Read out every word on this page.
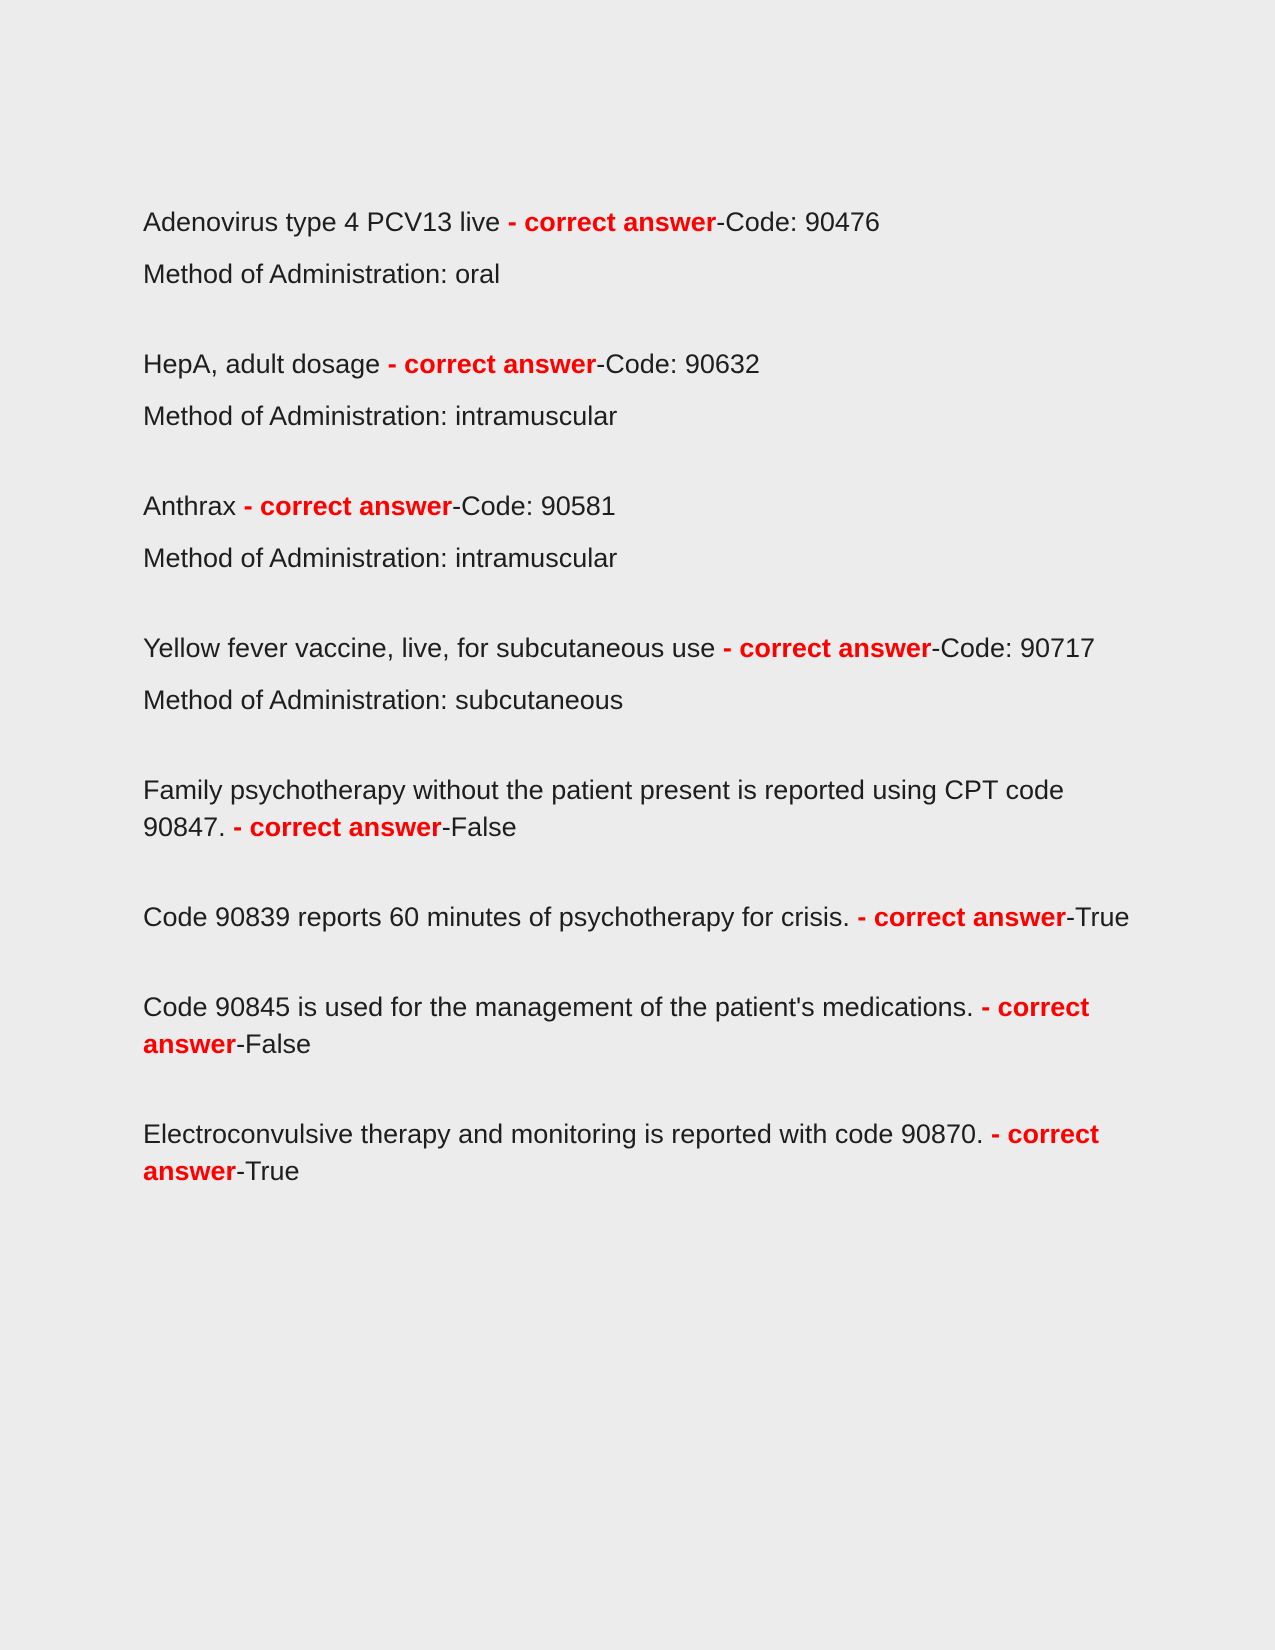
Adenovirus type 4 PCV13 live - correct answer-Code: 90476

Method of Administration: oral

HepA, adult dosage - correct answer-Code: 90632

Method of Administration: intramuscular

Anthrax - correct answer-Code: 90581

Method of Administration: intramuscular

Yellow fever vaccine, live, for subcutaneous use - correct answer-Code: 90717

Method of Administration: subcutaneous

Family psychotherapy without the patient present is reported using CPT code 90847. - correct answer-False

Code 90839 reports 60 minutes of psychotherapy for crisis. - correct answer-True

Code 90845 is used for the management of the patient's medications. - correct answer-False

Electroconvulsive therapy and monitoring is reported with code 90870. - correct answer-True
